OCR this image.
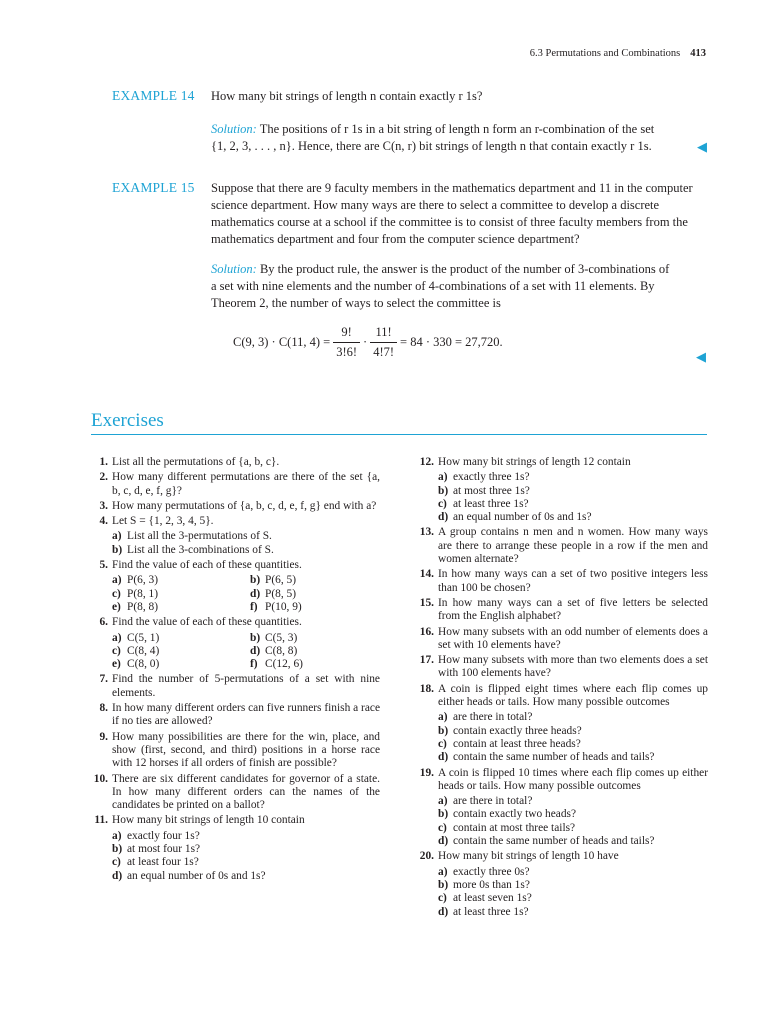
6.3 Permutations and Combinations 413
EXAMPLE 14 How many bit strings of length n contain exactly r 1s?
Solution: The positions of r 1s in a bit string of length n form an r-combination of the set
{1, 2, 3, . . . , n}. Hence, there are C(n, r) bit strings of length n that contain exactly r 1s.	◀
EXAMPLE 15 Suppose that there are 9 faculty members in the mathematics department and 11 in the computer
science department. How many ways are there to select a committee to develop a discrete
mathematics course at a school if the committee is to consist of three faculty members from the
mathematics department and four from the computer science department?
Solution: By the product rule, the answer is the product of the number of 3-combinations of
a set with nine elements and the number of 4-combinations of a set with 11 elements. By
Theorem 2, the number of ways to select the committee is
C(9, 3) · C(11, $4) = \frac{9!}{3!6!} \cdot \frac{11!}{4!7!} = 84 \cdot 330 = 27,720$.
◀
Exercises
1. List all the permutations of {a, b, c}.
2. How many different permutations are there of the set {a, b, c, d, e, f, g}?
3. How many permutations of {a, b, c, d, e, f, g} end with a?
4. Let S = {1, 2, 3, 4, 5}.
a) List all the 3-permutations of S.
b) List all the 3-combinations of S.
5. Find the value of each of these quantities.
a) P(6, 3)	b) P(6, 5)
c) P(8, 1)	d) P(8, 5)
e) P(8, 8)	f) P(10, 9)
6. Find the value of each of these quantities.
a) C(5, 1)	b) C(5, 3)
c) C(8, 4)	d) C(8, 8)
e) C(8, 0)	f) C(12, 6)
7. Find the number of 5-permutations of a set with nine elements.
8. In how many different orders can five runners finish a race if no ties are allowed?
9. How many possibilities are there for the win, place, and show (first, second, and third) positions in a horse race with 12 horses if all orders of finish are possible?
10. There are six different candidates for governor of a state. In how many different orders can the names of the candidates be printed on a ballot?
11. How many bit strings of length 10 contain
a) exactly four 1s?
b) at most four 1s?
c) at least four 1s?
d) an equal number of 0s and 1s?
12. How many bit strings of length 12 contain
a) exactly three 1s?
b) at most three 1s?
c) at least three 1s?
d) an equal number of 0s and 1s?
13. A group contains n men and n women. How many ways are there to arrange these people in a row if the men and women alternate?
14. In how many ways can a set of two positive integers less than 100 be chosen?
15. In how many ways can a set of five letters be selected from the English alphabet?
16. How many subsets with an odd number of elements does a set with 10 elements have?
17. How many subsets with more than two elements does a set with 100 elements have?
18. A coin is flipped eight times where each flip comes up either heads or tails. How many possible outcomes
a) are there in total?
b) contain exactly three heads?
c) contain at least three heads?
d) contain the same number of heads and tails?
19. A coin is flipped 10 times where each flip comes up either heads or tails. How many possible outcomes
a) are there in total?
b) contain exactly two heads?
c) contain at most three tails?
d) contain the same number of heads and tails?
20. How many bit strings of length 10 have
a) exactly three 0s?
b) more 0s than 1s?
c) at least seven 1s?
d) at least three 1s?
